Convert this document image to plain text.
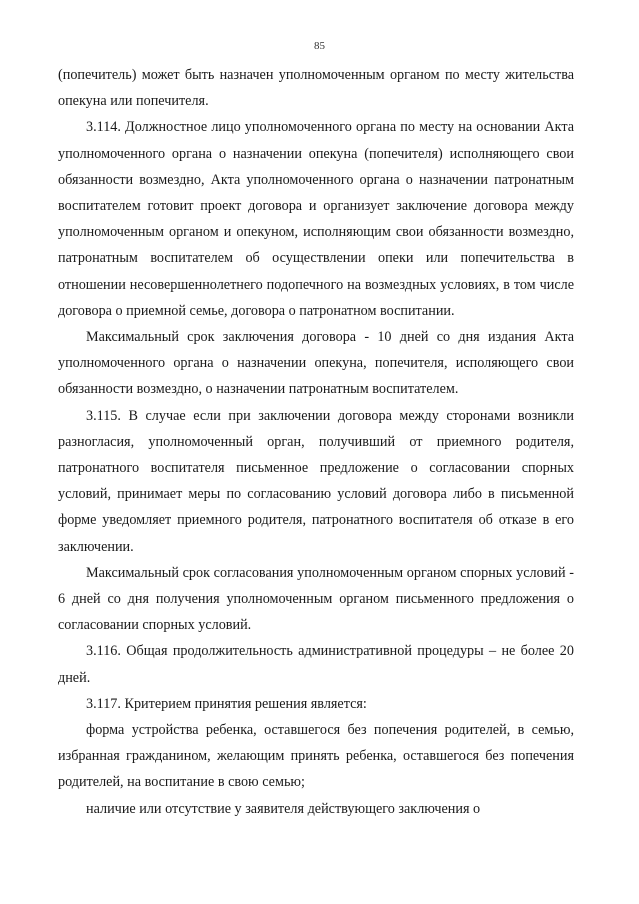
85

(попечитель) может быть назначен уполномоченным органом по месту жительства опекуна или попечителя.

3.114. Должностное лицо уполномоченного органа по месту на основании Акта уполномоченного органа о назначении опекуна (попечителя) исполняющего свои обязанности возмездно, Акта уполномоченного органа о назначении патронатным воспитателем готовит проект договора и организует заключение договора между уполномоченным органом и опекуном, исполняющим свои обязанности возмездно, патронатным воспитателем об осуществлении опеки или попечительства в отношении несовершеннолетнего подопечного на возмездных условиях, в том числе договора о приемной семье, договора о патронатном воспитании.

Максимальный срок заключения договора - 10 дней со дня издания Акта уполномоченного органа о назначении опекуна, попечителя, исполяющего свои обязанности возмездно, о назначении патронатным воспитателем.

3.115. В случае если при заключении договора между сторонами возникли разногласия, уполномоченный орган, получивший от приемного родителя, патронатного воспитателя письменное предложение о согласовании спорных условий, принимает меры по согласованию условий договора либо в письменной форме уведомляет приемного родителя, патронатного воспитателя об отказе в его заключении.

Максимальный срок согласования уполномоченным органом спорных условий - 6 дней со дня получения уполномоченным органом письменного предложения о согласовании спорных условий.

3.116. Общая продолжительность административной процедуры – не более 20 дней.

3.117. Критерием принятия решения является:

форма устройства ребенка, оставшегося без попечения родителей, в семью, избранная гражданином, желающим принять ребенка, оставшегося без попечения родителей, на воспитание в свою семью;

наличие или отсутствие у заявителя действующего заключения о
